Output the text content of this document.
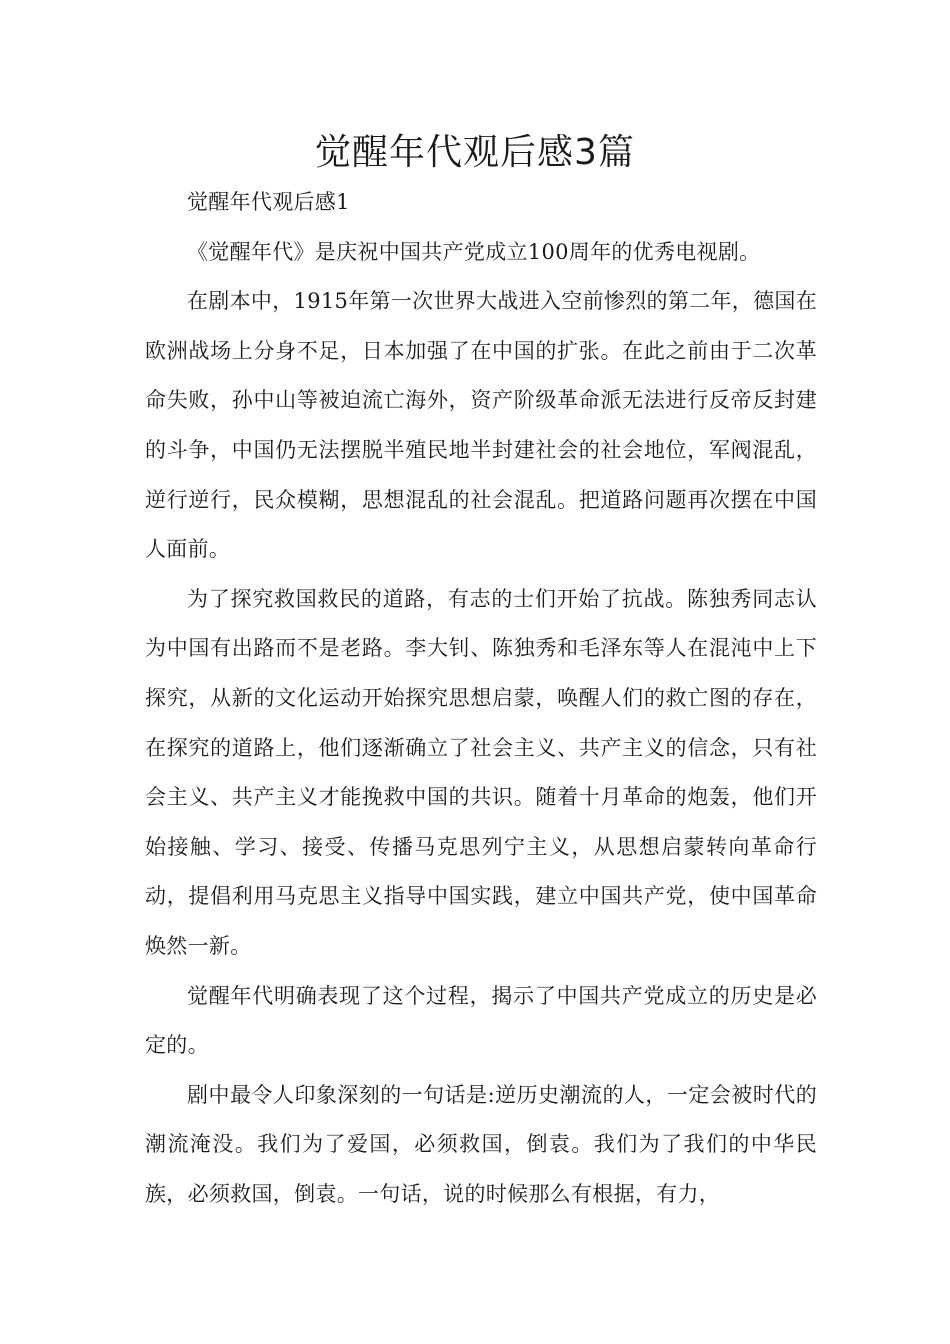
觉醒年代观后感3篇

觉醒年代观后感1

《觉醒年代》是庆祝中国共产党成立100周年的优秀电视剧。

在剧本中，1915年第一次世界大战进入空前惨烈的第二年，德国在欧洲战场上分身不足，日本加强了在中国的扩张。在此之前由于二次革命失败，孙中山等被迫流亡海外，资产阶级革命派无法进行反帝反封建的斗争，中国仍无法摆脱半殖民地半封建社会的社会地位，军阀混乱，逆行逆行，民众模糊，思想混乱的社会混乱。把道路问题再次摆在中国人面前。

为了探究救国救民的道路，有志的士们开始了抗战。陈独秀同志认为中国有出路而不是老路。李大钊、陈独秀和毛泽东等人在混沌中上下探究，从新的文化运动开始探究思想启蒙，唤醒人们的救亡图的存在，在探究的道路上，他们逐渐确立了社会主义、共产主义的信念，只有社会主义、共产主义才能挽救中国的共识。随着十月革命的炮轰，他们开始接触、学习、接受、传播马克思列宁主义，从思想启蒙转向革命行动，提倡利用马克思主义指导中国实践，建立中国共产党，使中国革命焕然一新。

觉醒年代明确表现了这个过程，揭示了中国共产党成立的历史是必定的。

剧中最令人印象深刻的一句话是:逆历史潮流的人，一定会被时代的潮流淹没。我们为了爱国，必须救国，倒袁。我们为了我们的中华民族，必须救国，倒袁。一句话，说的时候那么有根据，有力，
